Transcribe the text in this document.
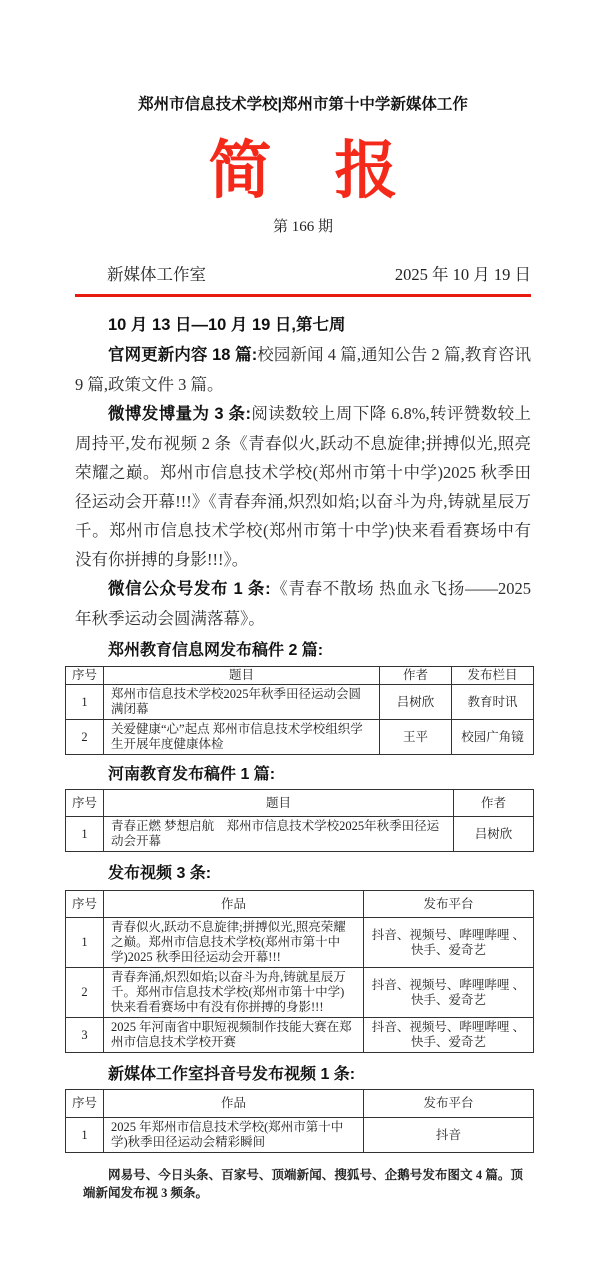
郑州市信息技术学校|郑州市第十中学新媒体工作
简　报
第 166 期
新媒体工作室	2025 年 10 月 19 日

10 月 13 日—10 月 19 日,第七周

官网更新内容 18 篇:校园新闻 4 篇,通知公告 2 篇,教育咨讯 9 篇,政策文件 3 篇。

微博发博量为 3 条:阅读数较上周下降 6.8%,转评赞数较上周持平,发布视频 2 条《青春似火,跃动不息旋律;拼搏似光,照亮荣耀之巅。郑州市信息技术学校(郑州市第十中学)2025 秋季田径运动会开幕!!!》《青春奔涌,炽烈如焰;以奋斗为舟,铸就星辰万千。郑州市信息技术学校(郑州市第十中学)快来看看赛场中有没有你拼搏的身影!!!》。

微信公众号发布 1 条:《青春不散场 热血永飞扬——2025 年秋季运动会圆满落幕》。

郑州教育信息网发布稿件 2 篇:
序号	题目	作者	发布栏目
1	郑州市信息技术学校2025年秋季田径运动会圆满闭幕	吕树欣	教育时讯
2	关爱健康“心”起点 郑州市信息技术学校组织学生开展年度健康体检	王平	校园广角镜
河南教育发布稿件 1 篇:
序号	题目	作者
1	青春正燃 梦想启航　郑州市信息技术学校2025年秋季田径运动会开幕	吕树欣
发布视频 3 条:
序号	作品	发布平台
1	青春似火,跃动不息旋律;拼搏似光,照亮荣耀之巅。郑州市信息技术学校(郑州市第十中学)2025 秋季田径运动会开幕!!!	抖音、视频号、哔哩哔哩 、快手、爱奇艺
2	青春奔涌,炽烈如焰;以奋斗为舟,铸就星辰万千。郑州市信息技术学校(郑州市第十中学)快来看看赛场中有没有你拼搏的身影!!!	抖音、视频号、哔哩哔哩 、快手、爱奇艺
3	2025 年河南省中职短视频制作技能大赛在郑州市信息技术学校开赛	抖音、视频号、哔哩哔哩 、快手、爱奇艺
新媒体工作室抖音号发布视频 1 条:
序号	作品	发布平台
1	2025 年郑州市信息技术学校(郑州市第十中学)秋季田径运动会精彩瞬间	抖音
网易号、今日头条、百家号、顶端新闻、搜狐号、企鹅号发布图文 4 篇。顶端新闻发布视 3 频条。
